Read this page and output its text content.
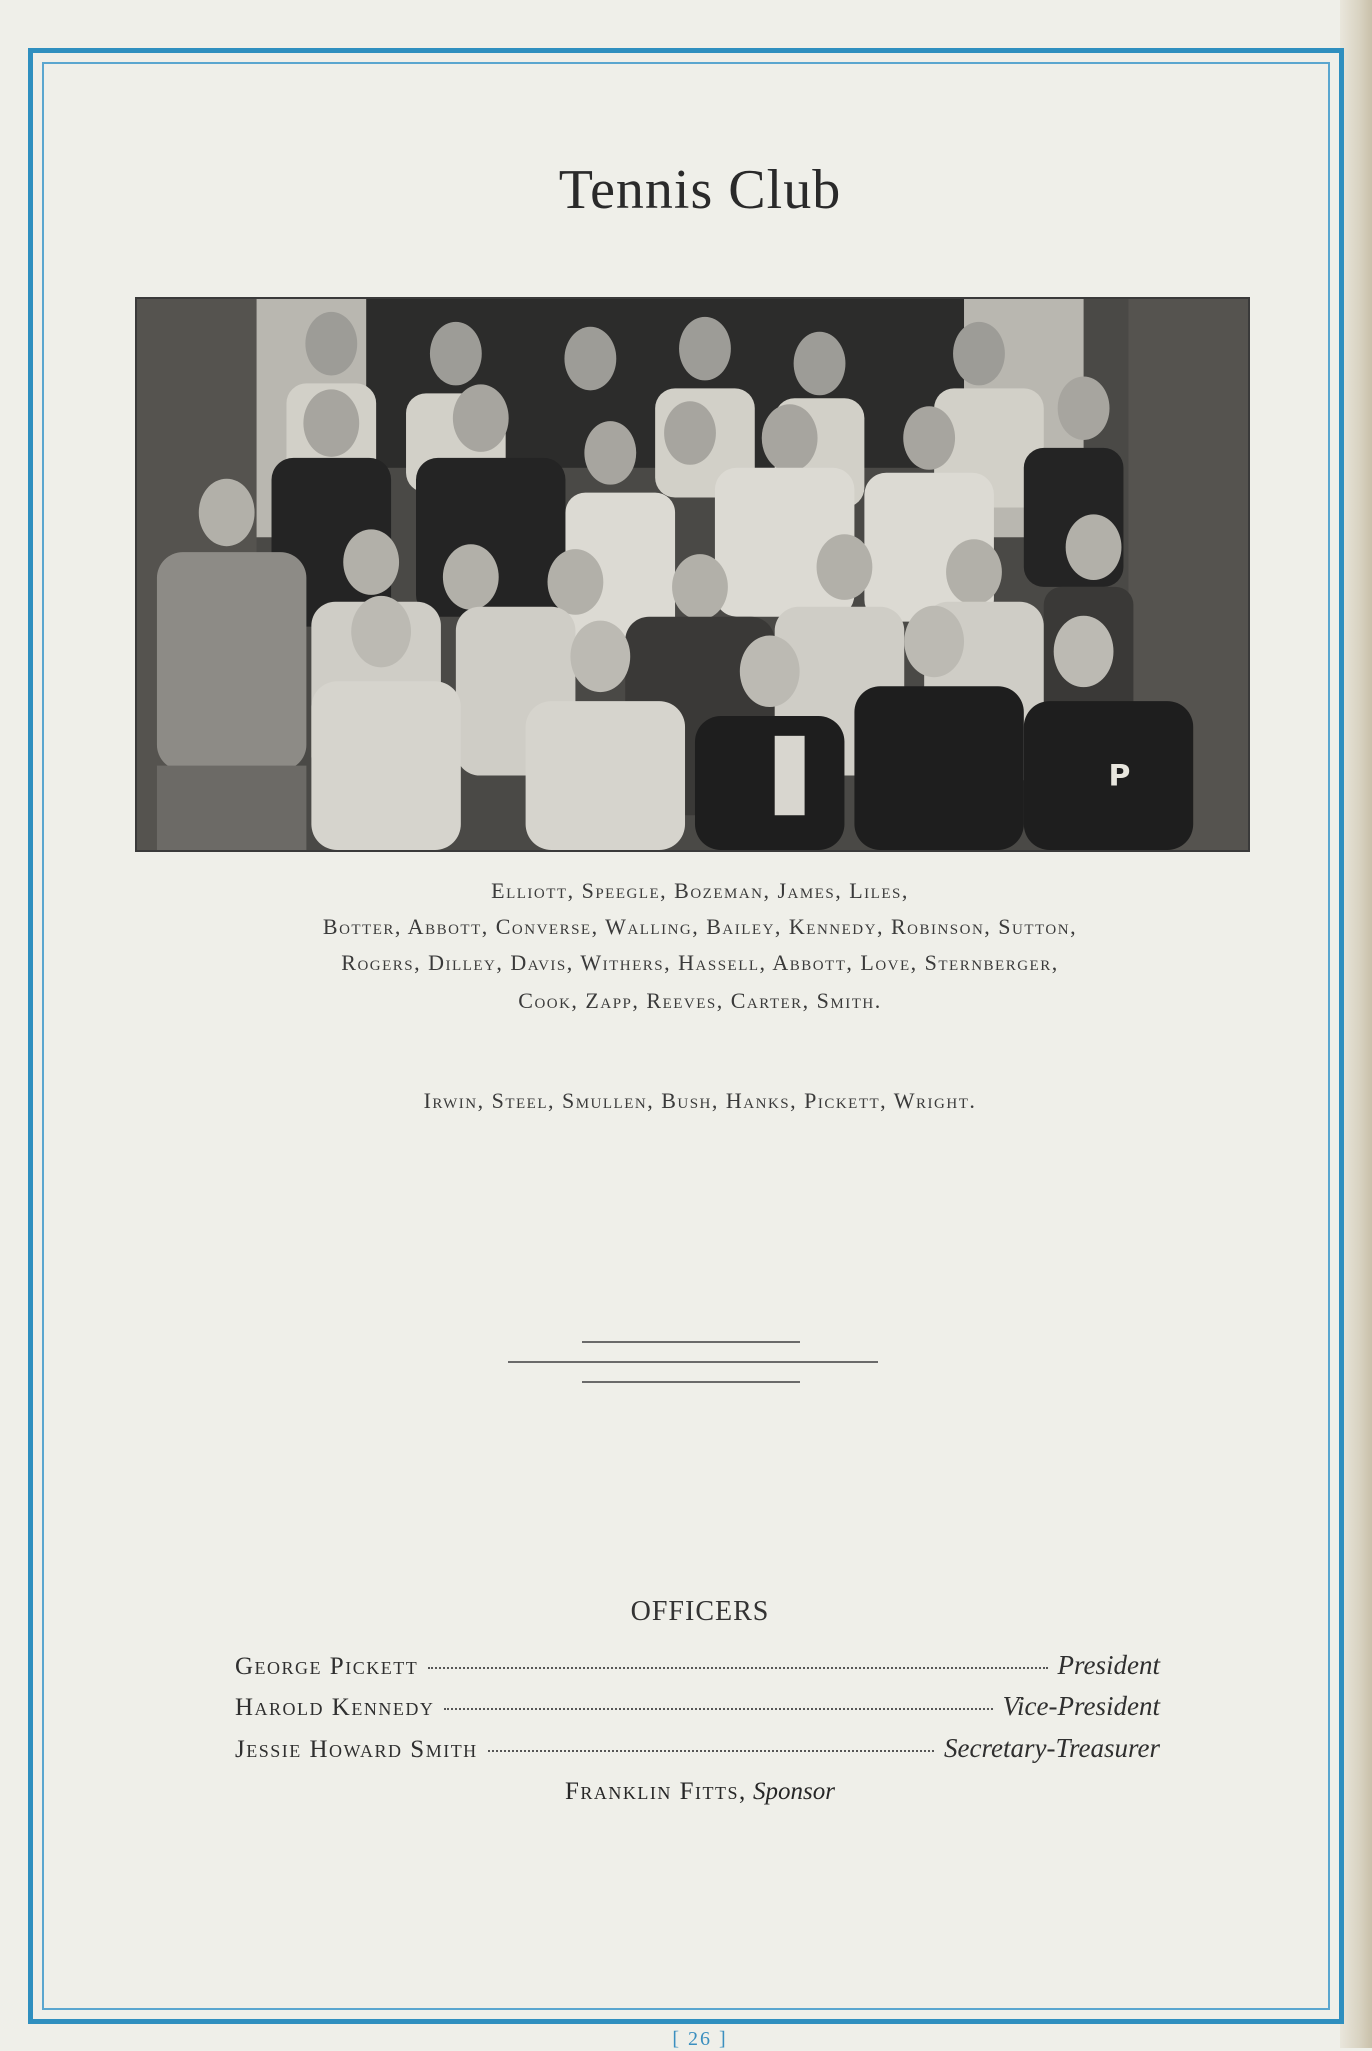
Tennis Club
P
Elliott, Speegle, Bozeman, James, Liles,
Botter, Abbott, Converse, Walling, Bailey, Kennedy, Robinson, Sutton,
Rogers, Dilley, Davis, Withers, Hassell, Abbott, Love, Sternberger,
Cook, Zapp, Reeves, Carter, Smith.
Irwin, Steel, Smullen, Bush, Hanks, Pickett, Wright.
OFFICERS
George Pickett	President
Harold Kennedy	Vice-President
Jessie Howard Smith	Secretary-Treasurer
Franklin Fitts, Sponsor
[ 26 ]
